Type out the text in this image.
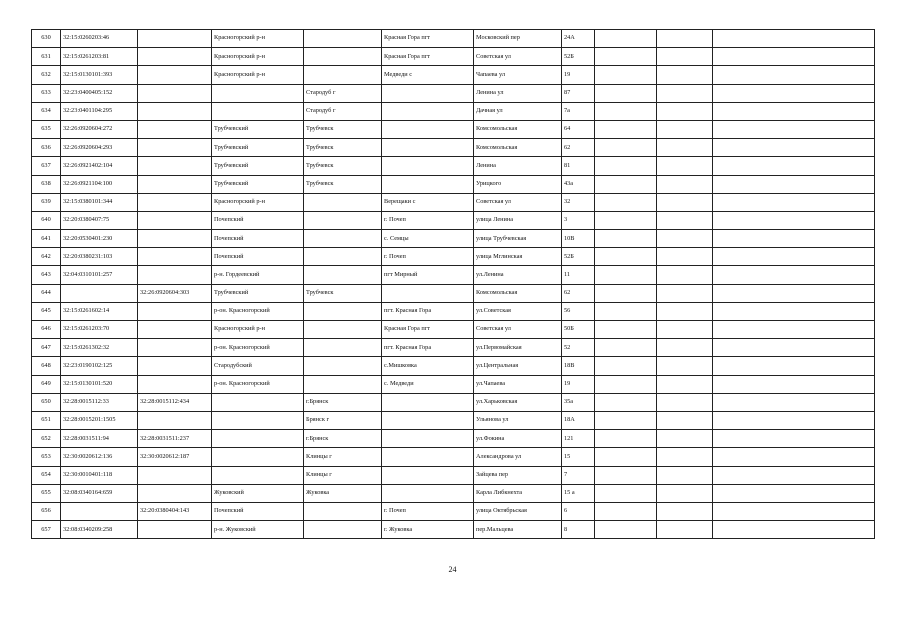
630	32:15:0260203:46		Красногорский р-н		Красная Гора пгт	Московский пер	24А			
631	32:15:0261203:81		Красногорский р-н		Красная Гора пгт	Советская ул	52Б			
632	32:15:0130101:393		Красногорский р-н		Медведи с	Чапаева ул	19			
633	32:23:0400405:152			Стародуб г		Ленина ул	87			
634	32:23:0401104:295			Стародуб г		Дачная ул	7а			
635	32:26:0920604:272		Трубчевский	Трубчевск		Комсомольская	64			
636	32:26:0920604:293		Трубчевский	Трубчевск		Комсомольская	62			
637	32:26:0921402:104		Трубчевский	Трубчевск		Ленина	81			
638	32:26:0921104:100		Трубчевский	Трубчевск		Урицкого	43а			
639	32:15:0380101:344		Красногорский р-н		Верещаки с	Советская ул	32			
640	32:20:0380407:75		Почепский		г. Почеп	улица Ленина	3			
641	32:20:0530401:230		Почепский		с. Семцы	улица Трубчевская	10В			
642	32:20:0380231:103		Почепский		г. Почеп	улица Мглинская	52Б			
643	32:04:0310101:257		р-н. Гордеевский		пгт Мирный	ул.Ленина	11			
644		32:26:0920604:303	Трубчевский	Трубчевск		Комсомольская	62			
645	32:15:0261602:14		р-он. Красногорский		пгт. Красная Гора	ул.Советская	56			
646	32:15:0261203:70		Красногорский р-н		Красная Гора пгт	Советская ул	50Б			
647	32:15:0261302:32		р-он. Красногорский		пгт. Красная Гора	ул.Первомайская	52			
648	32:23:0190102:125		Стародубский		с.Мишковка	ул.Центральная	18В			
649	32:15:0130101:520		р-он. Красногорский		с. Медведи	ул.Чапаева	19			
650	32:28:0015112:33	32:28:0015112:434		г.Брянск		ул.Харьковская	35а			
651	32:28:0015201:1505			Брянск г		Ульянова ул	18А			
652	32:28:0031511:94	32:28:0031511:237		г.Брянск		ул.Фокина	121			
653	32:30:0020612:136	32:30:0020612:187		Клинцы г		Александрова ул	15			
654	32:30:0010401:118			Клинцы г		Зайцева пер	7			
655	32:08:0340164:659		Жуковский	Жуковка		Карла Либкнехта	15 а			
656		32:20:0380404:143	Почепский		г. Почеп	улица Октябрьская	6			
657	32:08:0340209:258		р-н. Жуковский		г. Жуковка	пер.Мальцева	8			
24
